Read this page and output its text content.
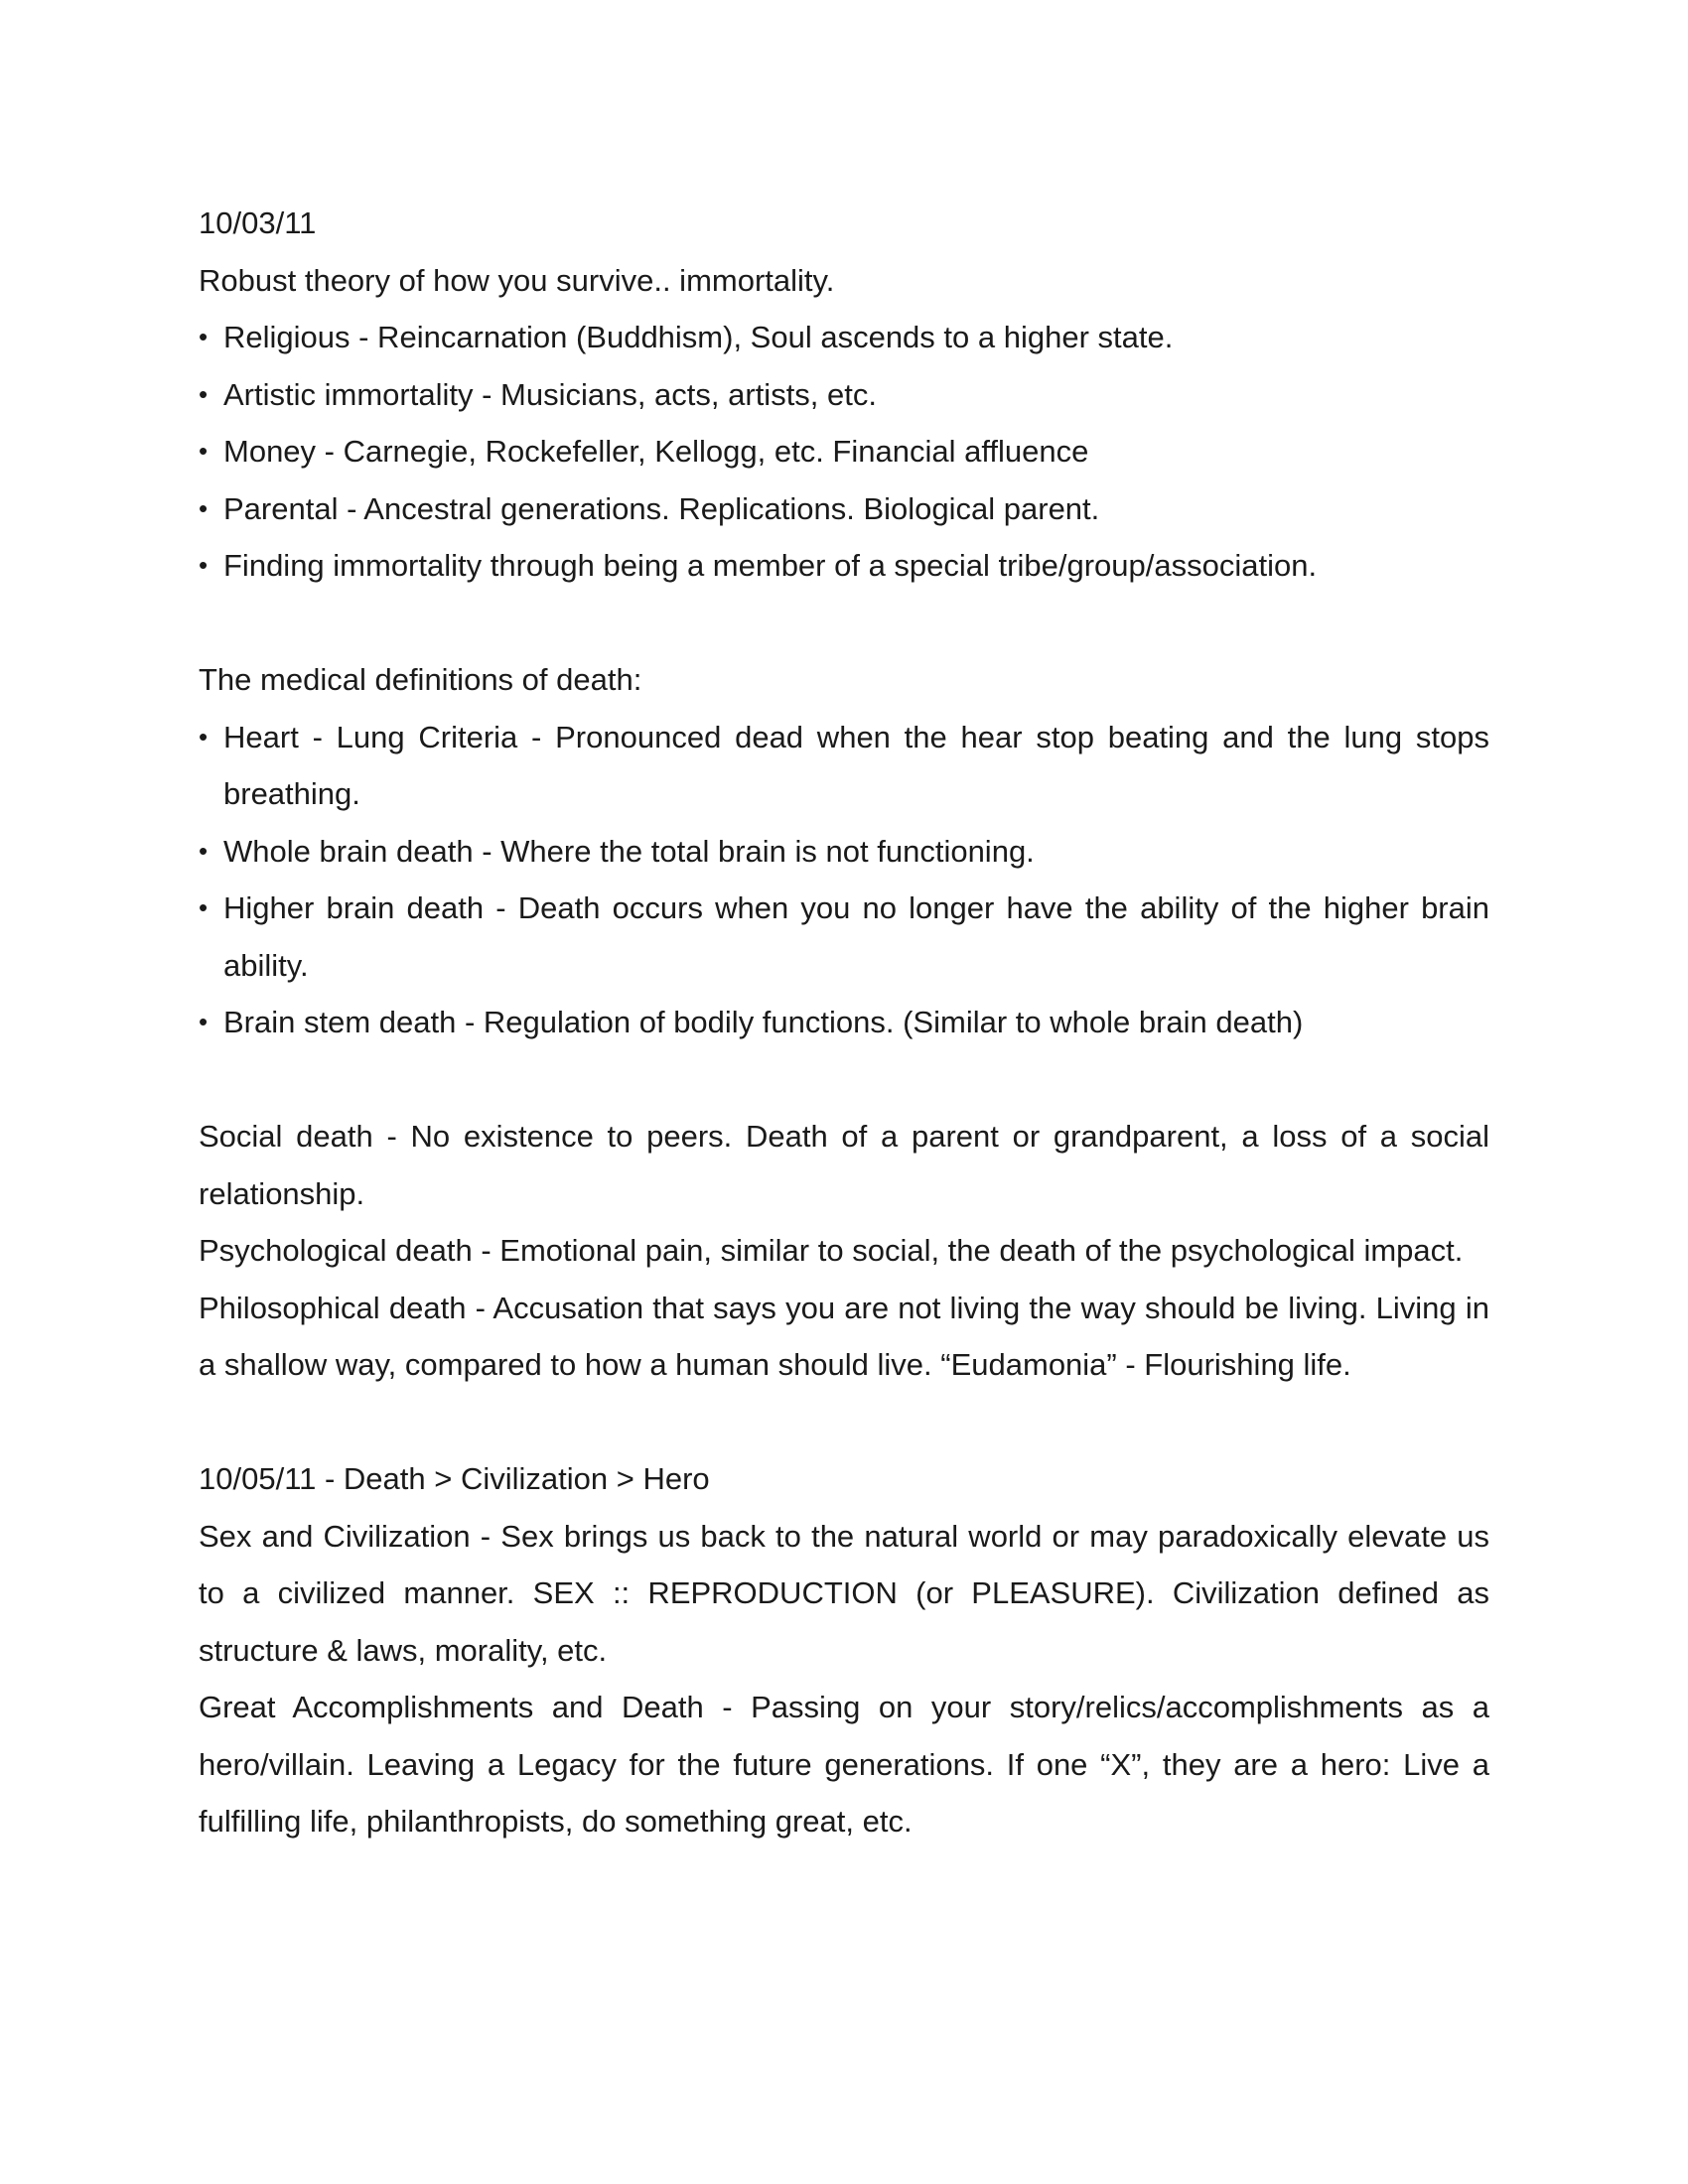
10/03/11

Robust theory of how you survive.. immortality.

• Religious - Reincarnation (Buddhism), Soul ascends to a higher state.
• Artistic immortality - Musicians, acts, artists, etc.
• Money - Carnegie, Rockefeller, Kellogg, etc. Financial affluence
• Parental - Ancestral generations. Replications. Biological parent.
• Finding immortality through being a member of a special tribe/group/association.

The medical definitions of death:

• Heart - Lung Criteria - Pronounced dead when the hear stop beating and the lung stops breathing.
• Whole brain death - Where the total brain is not functioning.
• Higher brain death - Death occurs when you no longer have the ability of the higher brain ability.
• Brain stem death - Regulation of bodily functions. (Similar to whole brain death)

Social death - No existence to peers. Death of a parent or grandparent, a loss of a social relationship.

Psychological death - Emotional pain, similar to social, the death of the psychological impact.

Philosophical death - Accusation that says you are not living the way should be living. Living in a shallow way, compared to how a human should live. “Eudamonia” - Flourishing life.

10/05/11 - Death > Civilization > Hero

Sex and Civilization - Sex brings us back to the natural world or may paradoxically elevate us to a civilized manner. SEX :: REPRODUCTION (or PLEASURE). Civilization defined as structure & laws, morality, etc.

Great Accomplishments and Death - Passing on your story/relics/accomplishments as a hero/villain. Leaving a Legacy for the future generations. If one “X”, they are a hero: Live a fulfilling life, philanthropists, do something great, etc.
